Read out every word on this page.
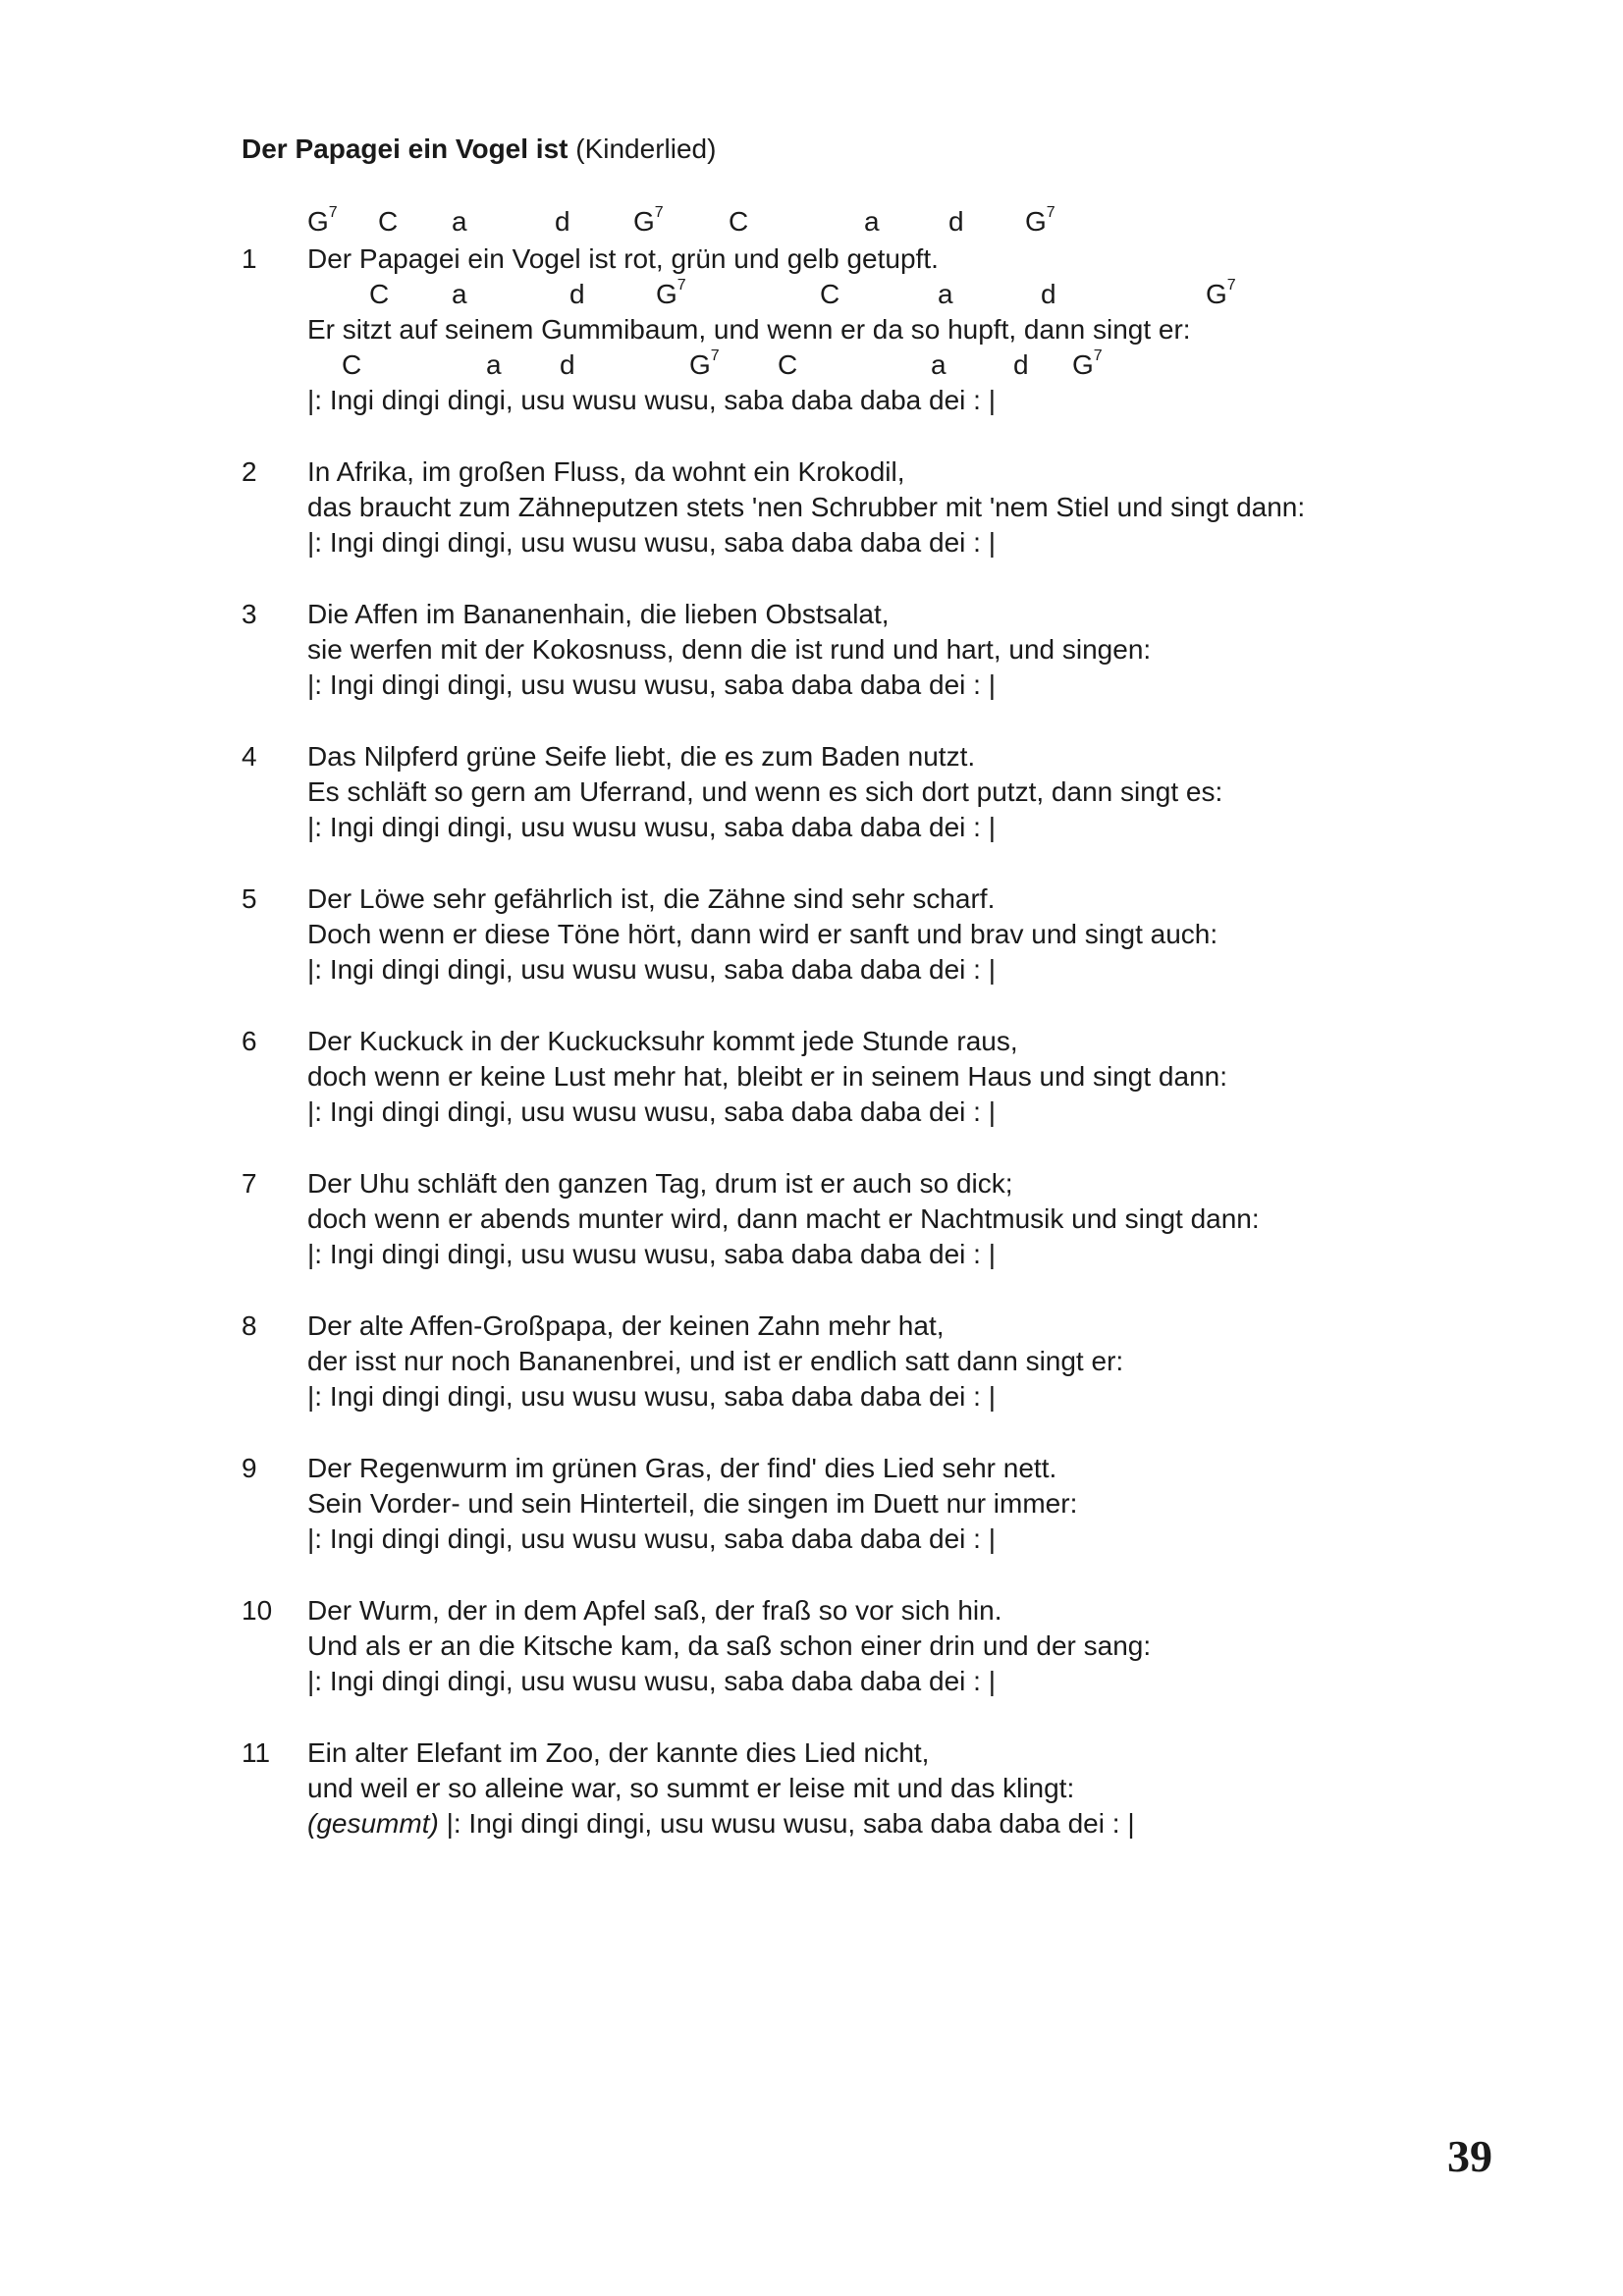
Der Papagei ein Vogel ist (Kinderlied)
$G^7$ C a	d $G^7$ C	a	d $G^7$
1 Der Papagei ein Vogel ist rot, grün und gelb getupft.
C a	d	$G^7$	C	a	d	$G^7$
Er sitzt auf seinem Gummibaum, und wenn er da so hupft, dann singt er:
C	a d	$G^7$ C	a d $G^7$
|: Ingi dingi dingi, usu wusu wusu, saba daba daba dei : |
2 In Afrika, im großen Fluss, da wohnt ein Krokodil,
das braucht zum Zähneputzen stets 'nen Schrubber mit 'nem Stiel und singt dann:
|: Ingi dingi dingi, usu wusu wusu, saba daba daba dei : |
3 Die Affen im Bananenhain, die lieben Obstsalat,
sie werfen mit der Kokosnuss, denn die ist rund und hart, und singen:
|: Ingi dingi dingi, usu wusu wusu, saba daba daba dei : |
4 Das Nilpferd grüne Seife liebt, die es zum Baden nutzt.
Es schläft so gern am Uferrand, und wenn es sich dort putzt, dann singt es:
|: Ingi dingi dingi, usu wusu wusu, saba daba daba dei : |
5 Der Löwe sehr gefährlich ist, die Zähne sind sehr scharf.
Doch wenn er diese Töne hört, dann wird er sanft und brav und singt auch:
|: Ingi dingi dingi, usu wusu wusu, saba daba daba dei : |
6 Der Kuckuck in der Kuckucksuhr kommt jede Stunde raus,
doch wenn er keine Lust mehr hat, bleibt er in seinem Haus und singt dann:
|: Ingi dingi dingi, usu wusu wusu, saba daba daba dei : |
7 Der Uhu schläft den ganzen Tag, drum ist er auch so dick;
doch wenn er abends munter wird, dann macht er Nachtmusik und singt dann:
|: Ingi dingi dingi, usu wusu wusu, saba daba daba dei : |
8 Der alte Affen-Großpapa, der keinen Zahn mehr hat,
der isst nur noch Bananenbrei, und ist er endlich satt dann singt er:
|: Ingi dingi dingi, usu wusu wusu, saba daba daba dei : |
9 Der Regenwurm im grünen Gras, der find' dies Lied sehr nett.
Sein Vorder- und sein Hinterteil, die singen im Duett nur immer:
|: Ingi dingi dingi, usu wusu wusu, saba daba daba dei : |
10 Der Wurm, der in dem Apfel saß, der fraß so vor sich hin.
Und als er an die Kitsche kam, da saß schon einer drin und der sang:
|: Ingi dingi dingi, usu wusu wusu, saba daba daba dei : |
11 Ein alter Elefant im Zoo, der kannte dies Lied nicht,
und weil er so alleine war, so summt er leise mit und das klingt:
(gesummt) |: Ingi dingi dingi, usu wusu wusu, saba daba daba dei : |
39
